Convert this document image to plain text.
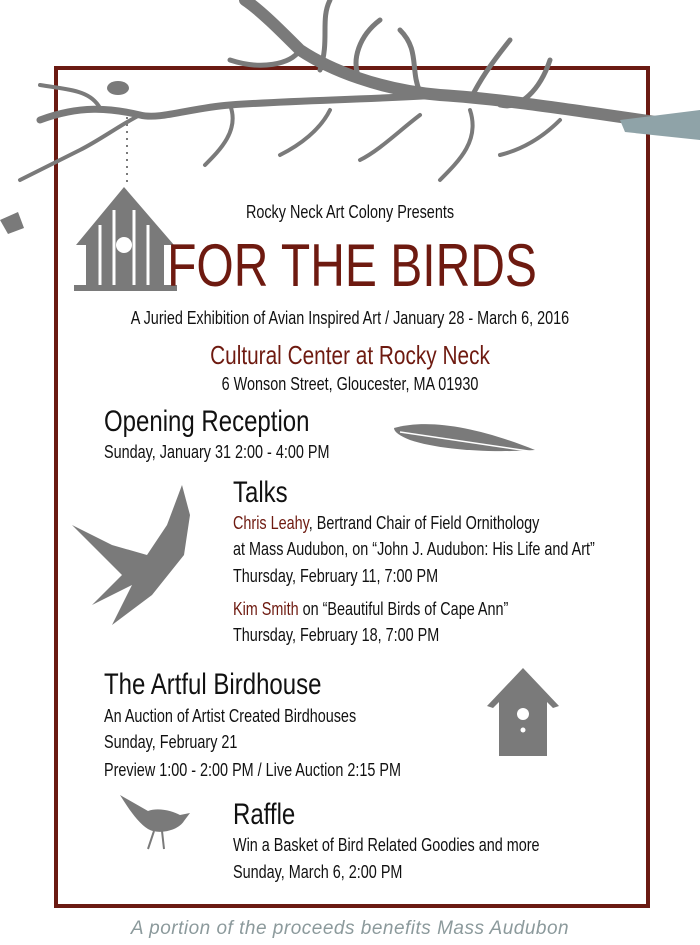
Rocky Neck Art Colony Presents
FOR THE BIRDS
A Juried Exhibition of Avian Inspired Art / January 28 - March 6, 2016
Cultural Center at Rocky Neck
6 Wonson Street, Gloucester, MA 01930
Opening Reception
Sunday, January 31 2:00 - 4:00 PM
Talks
Chris Leahy, Bertrand Chair of Field Ornithology
at Mass Audubon, on “John J. Audubon: His Life and Art”
Thursday, February 11, 7:00 PM
Kim Smith on “Beautiful Birds of Cape Ann”
Thursday, February 18, 7:00 PM
The Artful Birdhouse
An Auction of Artist Created Birdhouses
Sunday, February 21
Preview 1:00 - 2:00 PM / Live Auction 2:15 PM
Raffle
Win a Basket of Bird Related Goodies and more
Sunday, March 6, 2:00 PM
A portion of the proceeds benefits Mass Audubon
